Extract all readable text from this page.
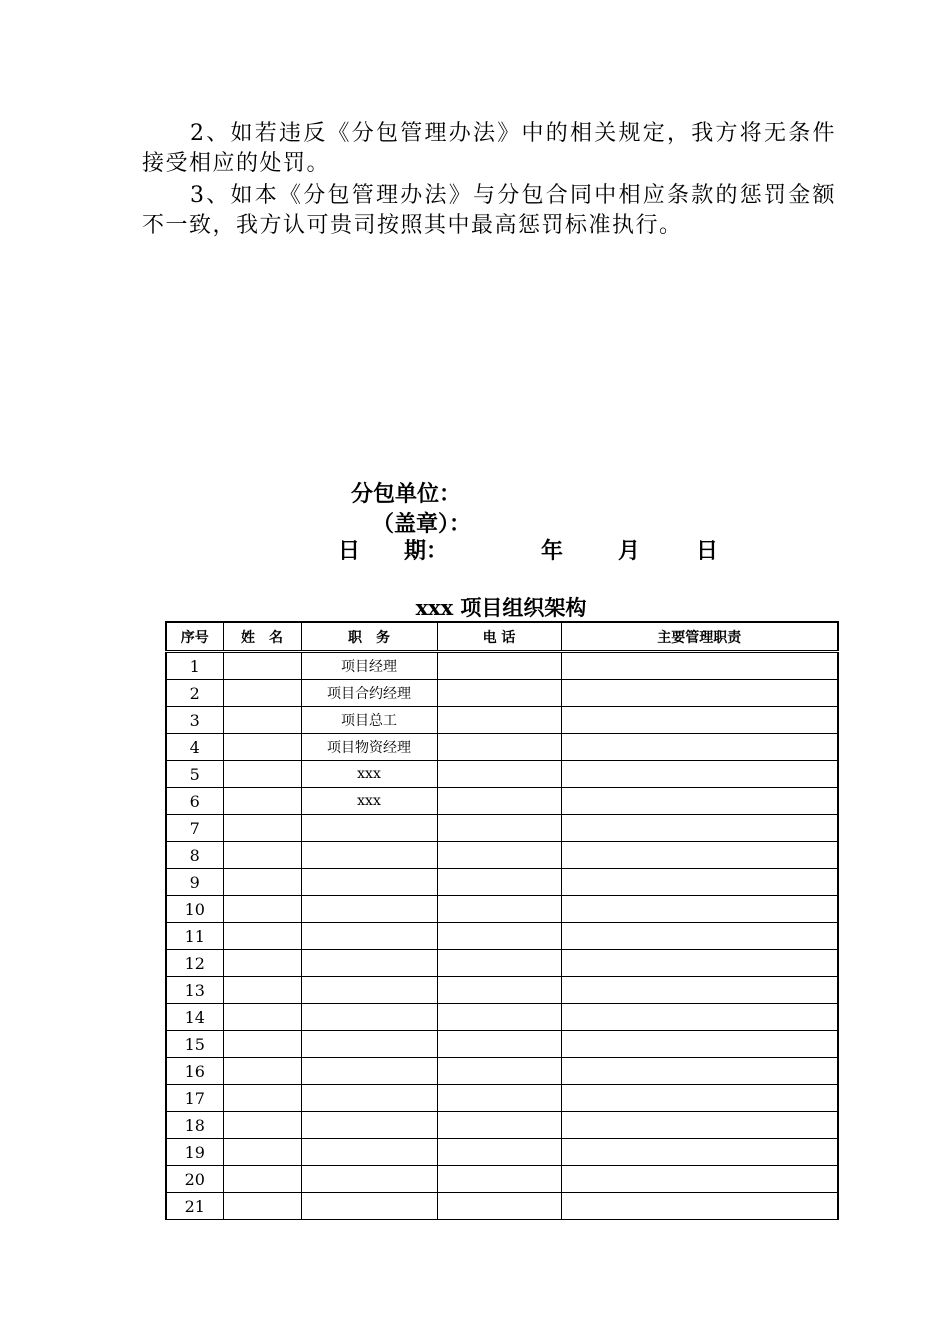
2、如若违反《分包管理办法》中的相关规定，我方将无条件接受相应的处罚。

3、如本《分包管理办法》与分包合同中相应条款的惩罚金额不一致，我方认可贵司按照其中最高惩罚标准执行。

分包单位：

（盖章）：

日　　期：	年 月	日

xxx 项目组织架构

序号	姓　名	职　务	电 话	主要管理职责
1		项目经理		
2		项目合约经理		
3		项目总工		
4		项目物资经理		
5		xxx		
6		xxx		
7				
8				
9				
10				
11				
12				
13				
14				
15				
16				
17				
18				
19				
20				
21				
